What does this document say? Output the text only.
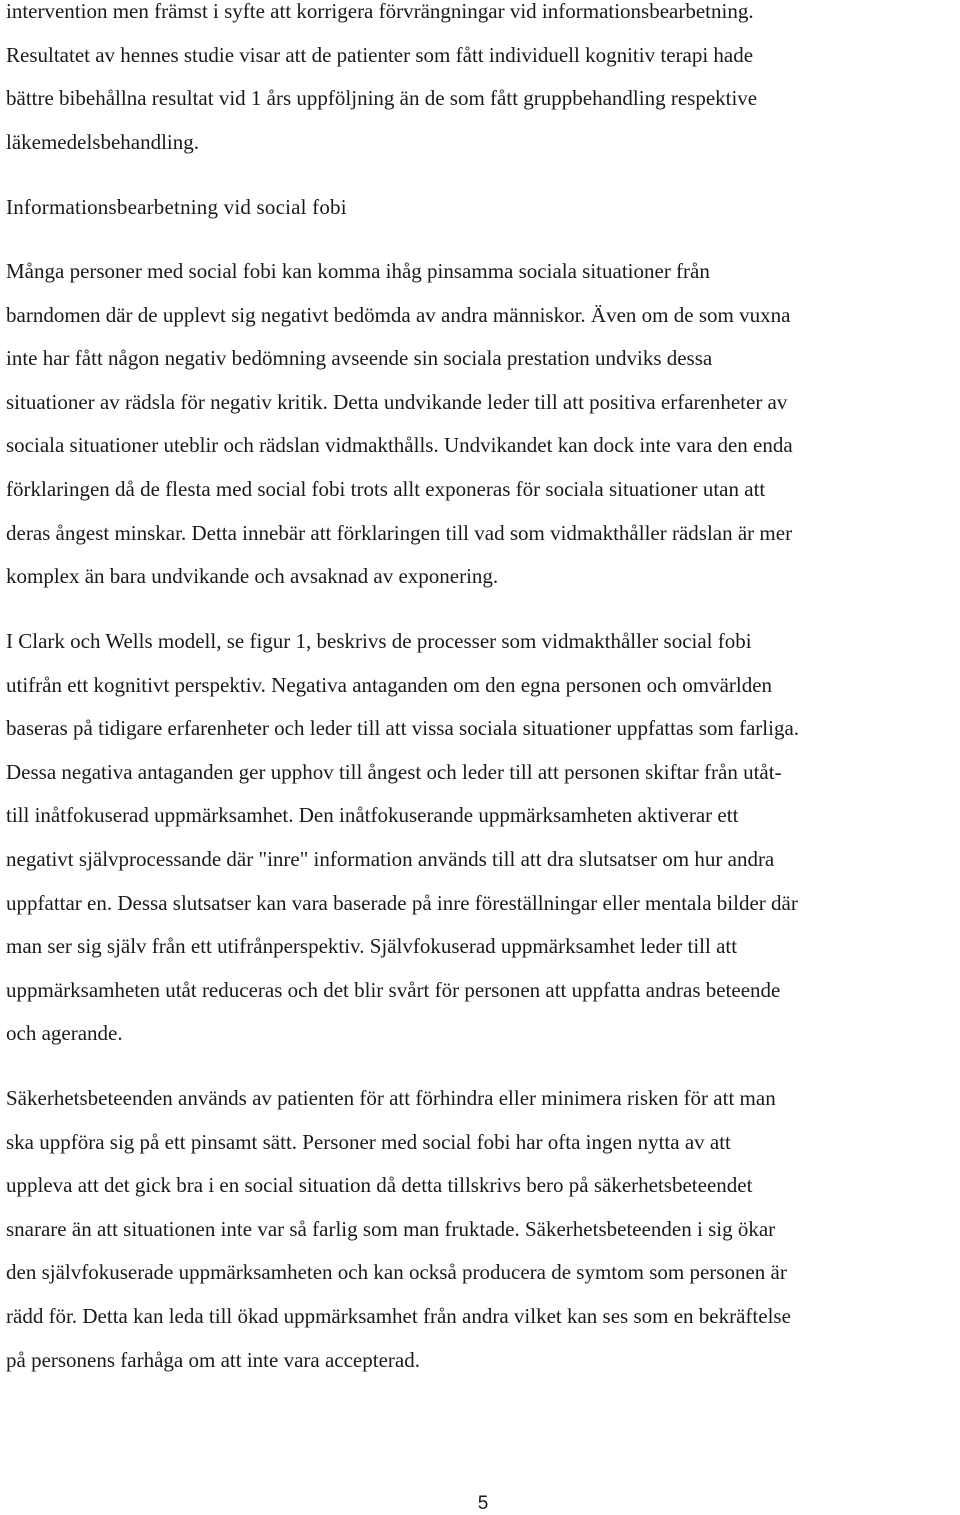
intervention men främst i syfte att korrigera förvrängningar vid informationsbearbetning.
Resultatet av hennes studie visar att de patienter som fått individuell kognitiv terapi hade
bättre bibehållna resultat vid 1 års uppföljning än de som fått gruppbehandling respektive
läkemedelsbehandling.

Informationsbearbetning vid social fobi

Många personer med social fobi kan komma ihåg pinsamma sociala situationer från
barndomen där de upplevt sig negativt bedömda av andra människor. Även om de som vuxna
inte har fått någon negativ bedömning avseende sin sociala prestation undviks dessa
situationer av rädsla för negativ kritik. Detta undvikande leder till att positiva erfarenheter av
sociala situationer uteblir och rädslan vidmakthålls. Undvikandet kan dock inte vara den enda
förklaringen då de flesta med social fobi trots allt exponeras för sociala situationer utan att
deras ångest minskar. Detta innebär att förklaringen till vad som vidmakthåller rädslan är mer
komplex än bara undvikande och avsaknad av exponering.

I Clark och Wells modell, se figur 1, beskrivs de processer som vidmakthåller social fobi
utifrån ett kognitivt perspektiv. Negativa antaganden om den egna personen och omvärlden
baseras på tidigare erfarenheter och leder till att vissa sociala situationer uppfattas som farliga.
Dessa negativa antaganden ger upphov till ångest och leder till att personen skiftar från utåt-
till inåtfokuserad uppmärksamhet. Den inåtfokuserande uppmärksamheten aktiverar ett
negativt självprocessande där "inre" information används till att dra slutsatser om hur andra
uppfattar en. Dessa slutsatser kan vara baserade på inre föreställningar eller mentala bilder där
man ser sig själv från ett utifrånperspektiv. Självfokuserad uppmärksamhet leder till att
uppmärksamheten utåt reduceras och det blir svårt för personen att uppfatta andras beteende
och agerande.

Säkerhetsbeteenden används av patienten för att förhindra eller minimera risken för att man
ska uppföra sig på ett pinsamt sätt. Personer med social fobi har ofta ingen nytta av att
uppleva att det gick bra i en social situation då detta tillskrivs bero på säkerhetsbeteendet
snarare än att situationen inte var så farlig som man fruktade. Säkerhetsbeteenden i sig ökar
den självfokuserade uppmärksamheten och kan också producera de symtom som personen är
rädd för. Detta kan leda till ökad uppmärksamhet från andra vilket kan ses som en bekräftelse
på personens farhåga om att inte vara accepterad.

5
